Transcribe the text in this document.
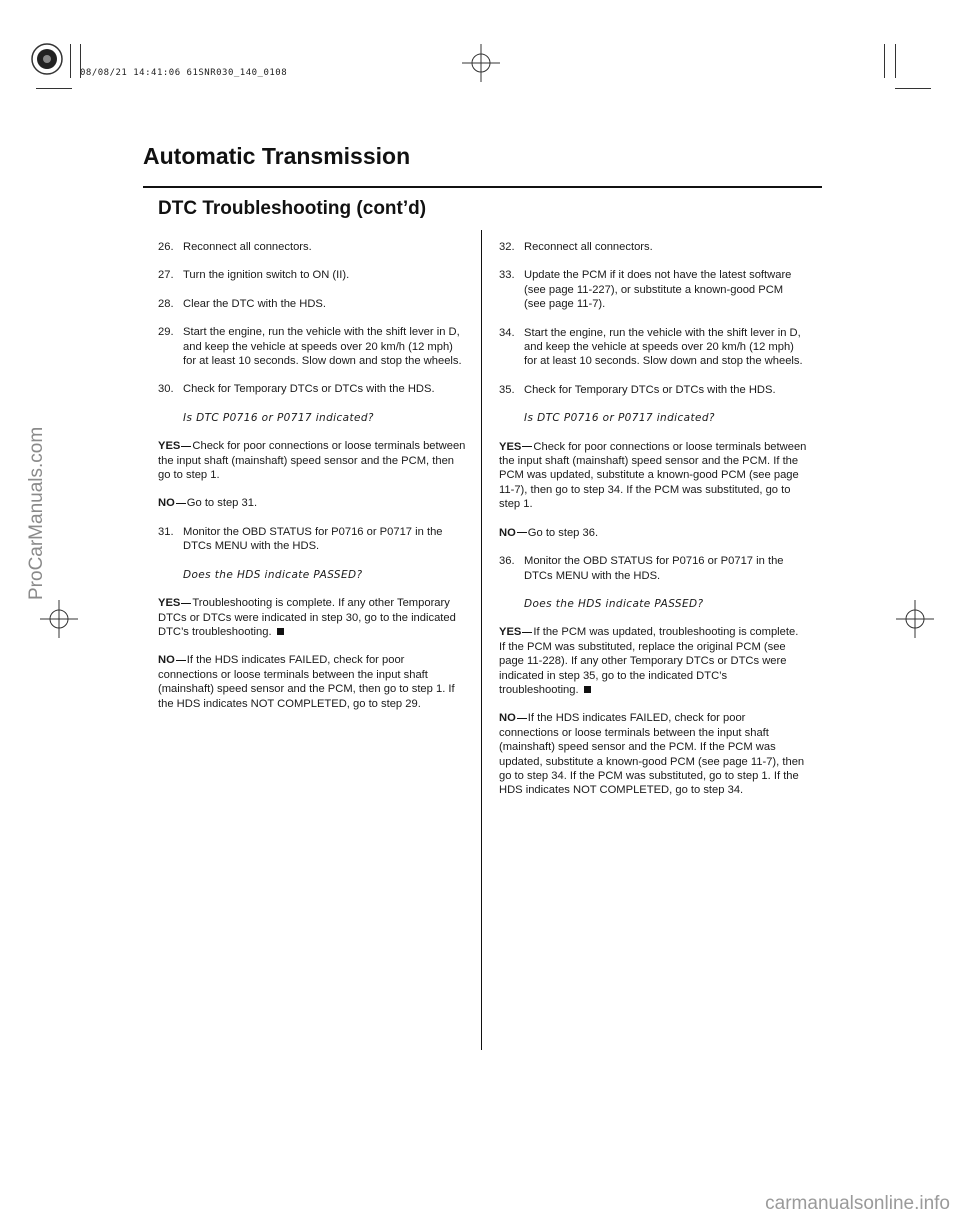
08/08/21 14:41:06 61SNR030_140_0108
Automatic Transmission
DTC Troubleshooting (cont’d)
26. Reconnect all connectors.
27. Turn the ignition switch to ON (II).
28. Clear the DTC with the HDS.
29. Start the engine, run the vehicle with the shift lever in D, and keep the vehicle at speeds over 20 km/h (12 mph) for at least 10 seconds. Slow down and stop the wheels.
30. Check for Temporary DTCs or DTCs with the HDS.
Is DTC P0716 or P0717 indicated?
YES Check for poor connections or loose terminals between the input shaft (mainshaft) speed sensor and the PCM, then go to step 1.
NO Go to step 31.
31. Monitor the OBD STATUS for P0716 or P0717 in the DTCs MENU with the HDS.
Does the HDS indicate PASSED?
YES Troubleshooting is complete. If any other Temporary DTCs or DTCs were indicated in step 30, go to the indicated DTC’s troubleshooting.
NO If the HDS indicates FAILED, check for poor connections or loose terminals between the input shaft (mainshaft) speed sensor and the PCM, then go to step 1. If the HDS indicates NOT COMPLETED, go to step 29.
32. Reconnect all connectors.
33. Update the PCM if it does not have the latest software (see page 11-227), or substitute a known-good PCM (see page 11-7).
34. Start the engine, run the vehicle with the shift lever in D, and keep the vehicle at speeds over 20 km/h (12 mph) for at least 10 seconds. Slow down and stop the wheels.
35. Check for Temporary DTCs or DTCs with the HDS.
Is DTC P0716 or P0717 indicated?
YES Check for poor connections or loose terminals between the input shaft (mainshaft) speed sensor and the PCM. If the PCM was updated, substitute a known-good PCM (see page 11-7), then go to step 34. If the PCM was substituted, go to step 1.
NO Go to step 36.
36. Monitor the OBD STATUS for P0716 or P0717 in the DTCs MENU with the HDS.
Does the HDS indicate PASSED?
YES If the PCM was updated, troubleshooting is complete. If the PCM was substituted, replace the original PCM (see page 11-228). If any other Temporary DTCs or DTCs were indicated in step 35, go to the indicated DTC’s troubleshooting.
NO If the HDS indicates FAILED, check for poor connections or loose terminals between the input shaft (mainshaft) speed sensor and the PCM. If the PCM was updated, substitute a known-good PCM (see page 11-7), then go to step 34. If the PCM was substituted, go to step 1. If the HDS indicates NOT COMPLETED, go to step 34.
ProCarManuals.com
carmanualsonline.info
